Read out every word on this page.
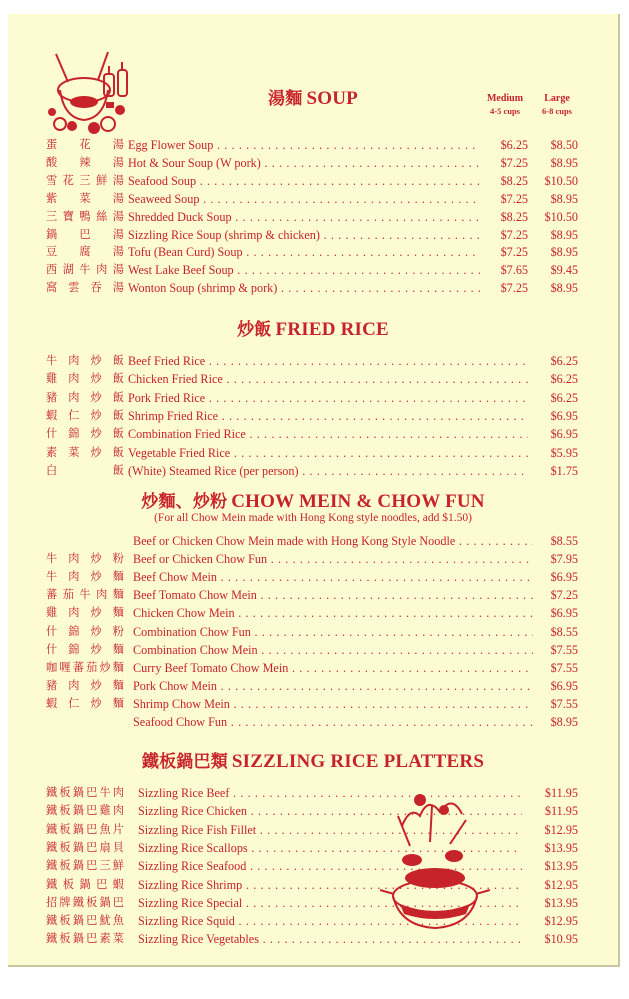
湯麵 SOUP	Medium
4-5 cups
Large
6-8 cups
蛋 花 湯 Egg Flower Soup . . .	$6.25	$8.50
酸 辣 湯 Hot & Sour Soup (W pork) . . .	$7.25	$8.95
雪花三鮮湯 Seafood Soup . . .	$8.25	$10.50
紫 菜 湯 Seaweed Soup . . .	$7.25	$8.95
三寶鴨絲湯 Shredded Duck Soup . . .	$8.25	$10.50
鍋 巴 湯 Sizzling Rice Soup (shrimp & chicken) . . .	$7.25	$8.95
豆 腐 湯 Tofu (Bean Curd) Soup . . .	$7.25	$8.95
西湖牛肉湯 West Lake Beef Soup . . .	$7.65	$9.45
窩雲吞湯 Wonton Soup (shrimp & pork) . . .	$7.25	$8.95
炒飯 FRIED RICE
牛肉炒飯 Beef Fried Rice . . .	$6.25
雞肉炒飯 Chicken Fried Rice . . .	$6.25
豬肉炒飯 Pork Fried Rice . . .	$6.25
蝦仁炒飯 Shrimp Fried Rice . . .	$6.95
什錦炒飯 Combination Fried Rice . . .	$6.95
素菜炒飯 Vegetable Fried Rice . . .	$5.95
白 飯 (White) Steamed Rice (per person) . . .	$1.75
炒麵、炒粉 CHOW MEIN & CHOW FUN
(For all Chow Mein made with Hong Kong style noodles, add $1.50)
Beef or Chicken Chow Mein made with Hong Kong Style Noodle . . .	$8.55
牛肉炒粉 Beef or Chicken Chow Fun . . .	$7.95
牛肉炒麵 Beef Chow Mein . . .	$6.95
蕃茄牛肉麵 Beef Tomato Chow Mein . . .	$7.25
雞肉炒麵 Chicken Chow Mein . . .	$6.95
什錦炒粉 Combination Chow Fun . . .	$8.55
什錦炒麵 Combination Chow Mein . . .	$7.55
咖喱蕃茄炒麵 Curry Beef Tomato Chow Mein . . .	$7.55
豬肉炒麵 Pork Chow Mein . . .	$6.95
蝦仁炒麵 Shrimp Chow Mein . . .	$7.55
Seafood Chow Fun . . .	$8.95
鐵板鍋巴類 SIZZLING RICE PLATTERS
鐵板鍋巴牛肉 Sizzling Rice Beef . . .	$11.95
鐵板鍋巴雞肉 Sizzling Rice Chicken . . .	$11.95
鐵板鍋巴魚片 Sizzling Rice Fish Fillet . . .	$12.95
鐵板鍋巴扇貝 Sizzling Rice Scallops . . .	$13.95
鐵板鍋巴三鮮 Sizzling Rice Seafood . . .	$13.95
鐵板鍋巴蝦 Sizzling Rice Shrimp . . .	$12.95
招牌鐵板鍋巴 Sizzling Rice Special . . .	$13.95
鐵板鍋巴魷魚 Sizzling Rice Squid . . .	$12.95
鐵板鍋巴素菜 Sizzling Rice Vegetables . . .	$10.95
